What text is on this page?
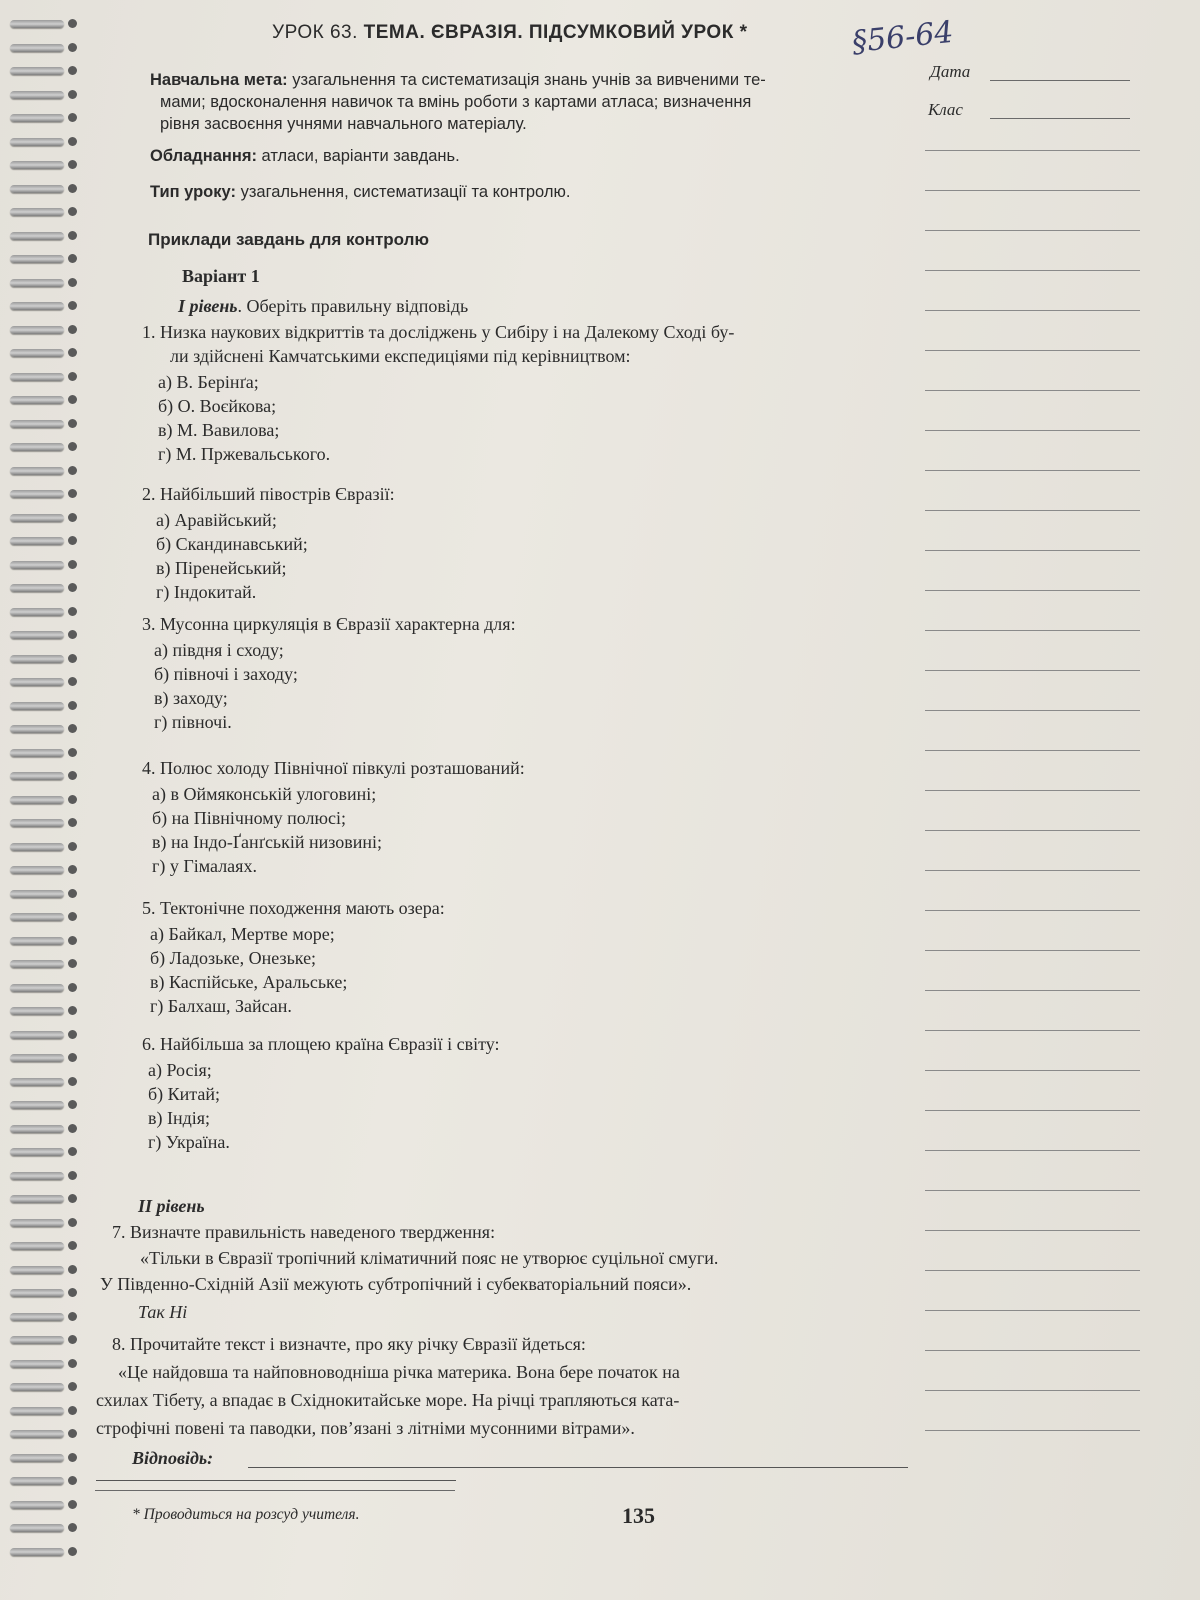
УРОК 63. ТЕМА. ЄВРАЗІЯ. ПІДСУМКОВИЙ УРОК *	§56-64
Дата
Клас
Навчальна мета: узагальнення та систематизація знань учнів за вивченими те-
мами; вдосконалення навичок та вмінь роботи з картами атласа; визначення
рівня засвоєння учнями навчального матеріалу.
Обладнання: атласи, варіанти завдань.
Тип уроку: узагальнення, систематизації та контролю.
Приклади завдань для контролю
Варіант 1
I рівень. Оберіть правильну відповідь
1. Низка наукових відкриттів та досліджень у Сибіру і на Далекому Сході бу-
ли здійснені Камчатськими експедиціями під керівництвом:
а) В. Берінґа;
б) О. Воєйкова;
в) М. Вавилова;
г) М. Пржевальського.
2. Найбільший півострів Євразії:
а) Аравійський;
б) Скандинавський;
в) Піренейський;
г) Індокитай.
3. Мусонна циркуляція в Євразії характерна для:
а) півдня і сходу;
б) півночі і заходу;
в) заходу;
г) півночі.
4. Полюс холоду Північної півкулі розташований:
а) в Оймяконській улоговині;
б) на Північному полюсі;
в) на Індо-Ґанґській низовині;
г) у Гімалаях.
5. Тектонічне походження мають озера:
а) Байкал, Мертве море;
б) Ладозьке, Онезьке;
в) Каспійське, Аральське;
г) Балхаш, Зайсан.
6. Найбільша за площею країна Євразії і світу:
а) Росія;
б) Китай;
в) Індія;
г) Україна.
II рівень
7. Визначте правильність наведеного твердження:
«Тільки в Євразії тропічний кліматичний пояс не утворює суцільної смуги.
У Південно-Східній Азії межують субтропічний і субекваторіальний пояси».
Так Ні
8. Прочитайте текст і визначте, про яку річку Євразії йдеться:
«Це найдовша та найповноводніша річка материка. Вона бере початок на
схилах Тібету, а впадає в Східнокитайське море. На річці трапляються ката-
строфічні повені та паводки, пов’язані з літніми мусонними вітрами».
Відповідь:
* Проводиться на розсуд учителя.	135
